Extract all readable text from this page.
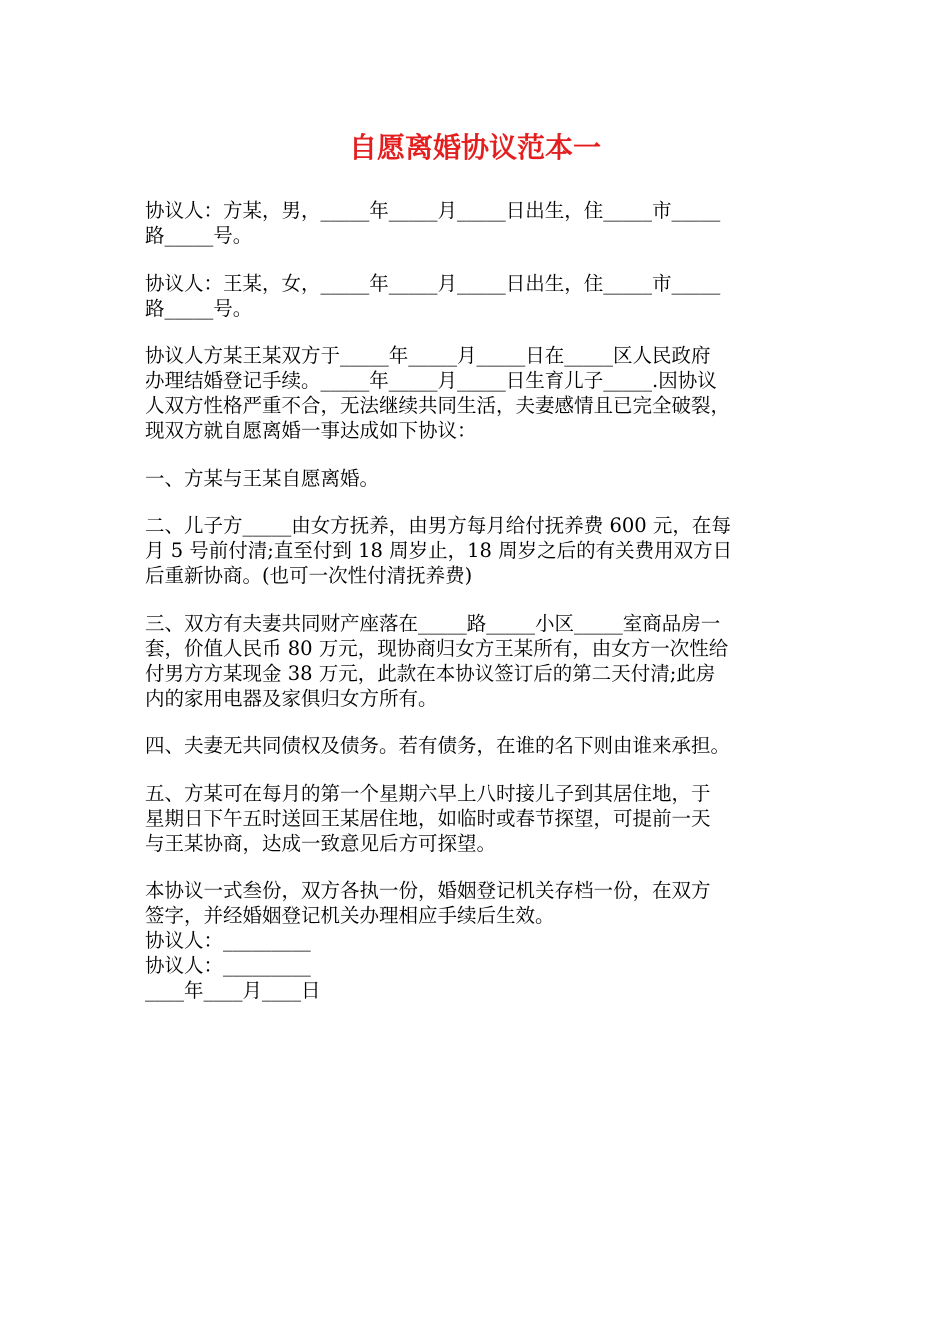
自愿离婚协议范本一
协议人：方某，男，_____年_____月_____日出生，住_____市_____
路_____号。
协议人：王某，女，_____年_____月_____日出生，住_____市_____
路_____号。
协议人方某王某双方于_____年_____月_____日在_____区人民政府
办理结婚登记手续。_____年_____月_____日生育儿子_____.因协议
人双方性格严重不合，无法继续共同生活，夫妻感情且已完全破裂，
现双方就自愿离婚一事达成如下协议：
一、方某与王某自愿离婚。
二、儿子方_____由女方抚养，由男方每月给付抚养费 600 元，在每
月 5 号前付清;直至付到 18 周岁止，18 周岁之后的有关费用双方日
后重新协商。(也可一次性付清抚养费)
三、双方有夫妻共同财产座落在_____路_____小区_____室商品房一
套，价值人民币 80 万元，现协商归女方王某所有，由女方一次性给
付男方方某现金 38 万元，此款在本协议签订后的第二天付清;此房
内的家用电器及家俱归女方所有。
四、夫妻无共同债权及债务。若有债务，在谁的名下则由谁来承担。
五、方某可在每月的第一个星期六早上八时接儿子到其居住地，于
星期日下午五时送回王某居住地，如临时或春节探望，可提前一天
与王某协商，达成一致意见后方可探望。
本协议一式叁份，双方各执一份，婚姻登记机关存档一份，在双方
签字，并经婚姻登记机关办理相应手续后生效。
协议人：_________
协议人：_________
____年____月____日
